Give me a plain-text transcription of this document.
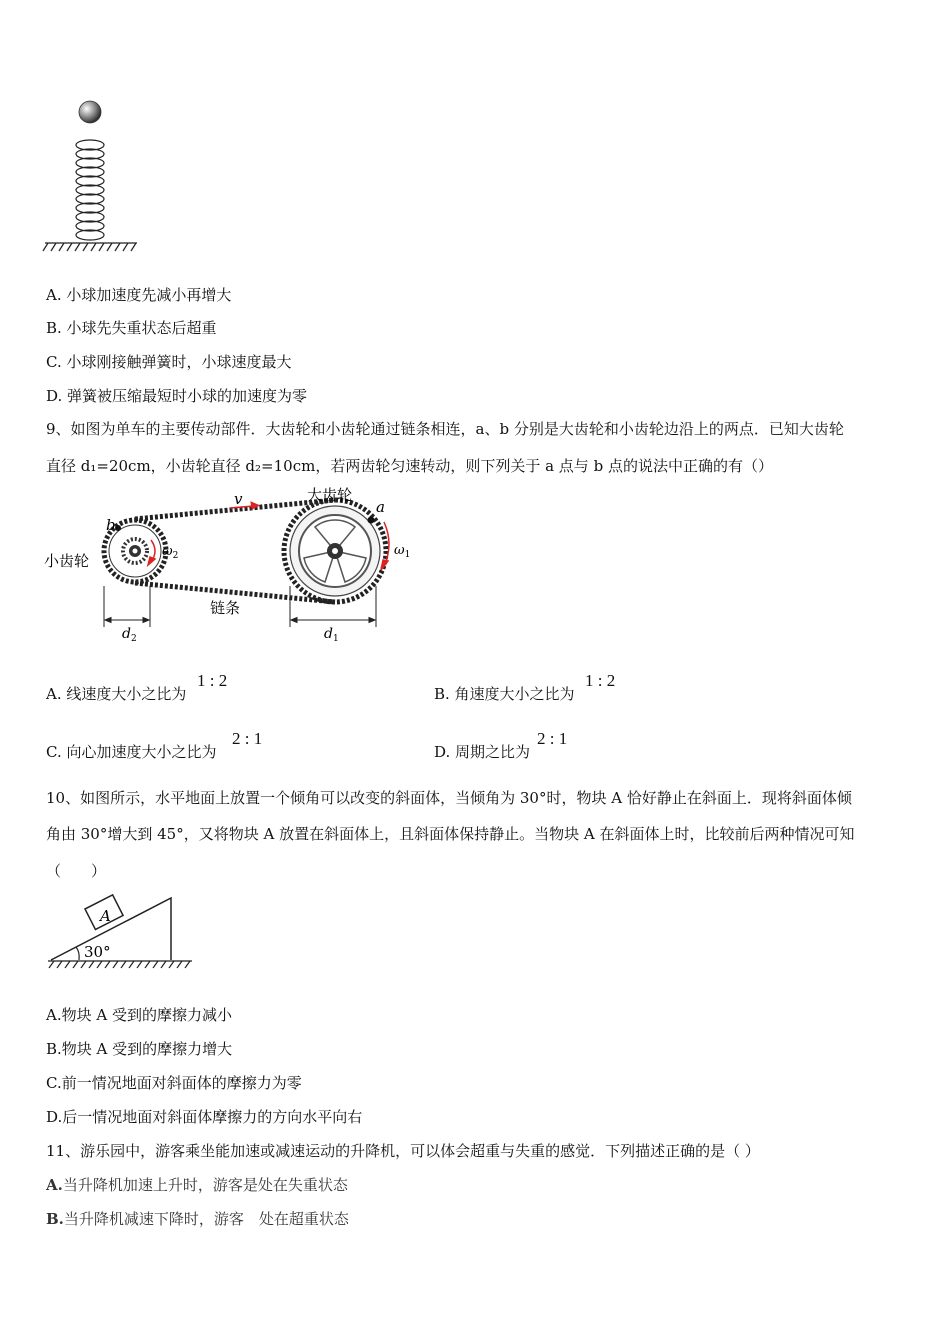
A. 小球加速度先减小再增大
B. 小球先失重状态后超重
C. 小球刚接触弹簧时，小球速度最大
D. 弹簧被压缩最短时小球的加速度为零
9、如图为单车的主要传动部件．大齿轮和小齿轮通过链条相连，a、b 分别是大齿轮和小齿轮边沿上的两点．已知大齿轮
直径 d₁=20cm，小齿轮直径 d₂=10cm，若两齿轮匀速转动，则下列关于 a 点与 b 点的说法中正确的有（）
大齿轮
小齿轮
链条
v	a
b
$\omega_1$
$\omega_2$
$d_2$	$d_1$
A. 线速度大小之比为
1 : 2
B. 角速度大小之比为
1 : 2
C. 向心加速度大小之比为
2 : 1
D. 周期之比为
2 : 1
10、如图所示，水平地面上放置一个倾角可以改变的斜面体，当倾角为 30°时，物块 A 恰好静止在斜面上．现将斜面体倾
角由 30°增大到 45°，又将物块 A 放置在斜面体上，且斜面体保持静止。当物块 A 在斜面体上时，比较前后两种情况可知
（　　）
A
30°
A.物块 A 受到的摩擦力减小
B.物块 A 受到的摩擦力增大
C.前一情况地面对斜面体的摩擦力为零
D.后一情况地面对斜面体摩擦力的方向水平向右
11、游乐园中，游客乘坐能加速或减速运动的升降机，可以体会超重与失重的感觉．下列描述正确的是（ ）
A.当升降机加速上升时，游客是处在失重状态
B.当升降机减速下降时，游客　处在超重状态
